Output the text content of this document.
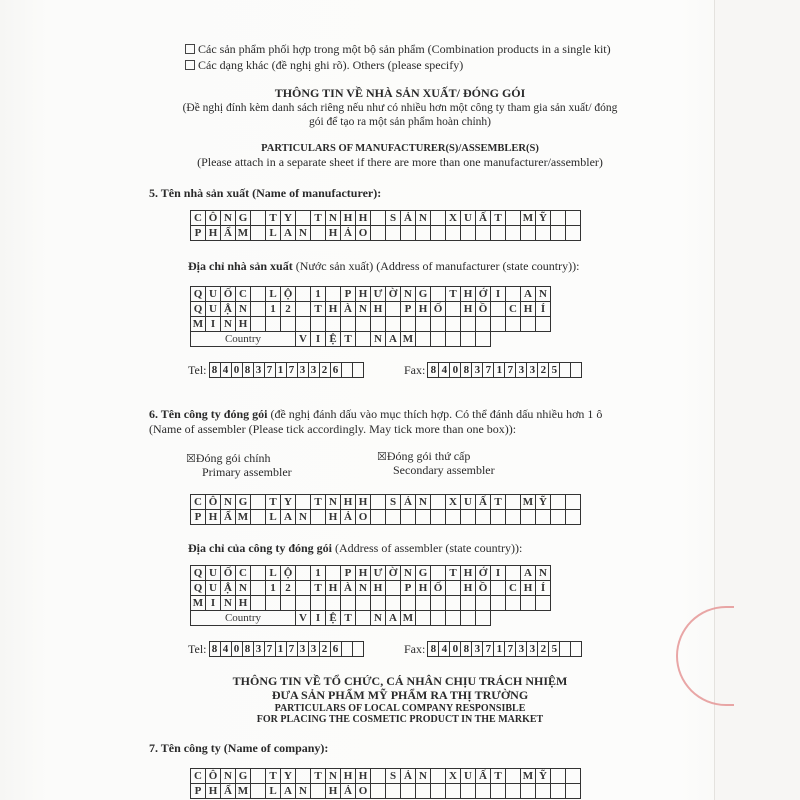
Các sản phẩm phối hợp trong một bộ sản phẩm (Combination products in a single kit)
Các dạng khác (đề nghị ghi rõ). Others (please specify)
THÔNG TIN VỀ NHÀ SẢN XUẤT/ ĐÓNG GÓI
(Đề nghị đính kèm danh sách riêng nếu như có nhiều hơn một công ty tham gia sản xuất/ đóng
gói để tạo ra một sản phẩm hoàn chỉnh)
PARTICULARS OF MANUFACTURER(S)/ASSEMBLER(S)
(Please attach in a separate sheet if there are more than one manufacturer/assembler)
5. Tên nhà sản xuất (Name of manufacturer):
C Ô N G	T Y	T N H H	S Ả N	X U Ấ T	M Ỹ
P H Ẩ M	L A N	H Ả O
Địa chỉ nhà sản xuất (Nước sản xuất) (Address of manufacturer (state country)):
Q U Ố C	L Ộ	1	P H Ư Ờ N G	T H Ớ I	A N
Q U Ậ N	1 2	T H À N H	P H Ố	H Ồ	C H Í
M I N H
Country	V I Ệ T	N A M
Tel: 8 4 0 8 3 7 1 7 3 3 2 6	Fax: 8 4 0 8 3 7 1 7 3 3 2 5
6. Tên công ty đóng gói (đề nghị đánh dấu vào mục thích hợp. Có thể đánh dấu nhiều hơn 1 ô
(Name of assembler (Please tick accordingly. May tick more than one box)):
☒Đóng gói chính
Primary assembler
☒Đóng gói thứ cấp
Secondary assembler
C Ô N G	T Y	T N H H	S Ả N	X U Ấ T	M Ỹ
P H Ẩ M	L A N	H Ả O
Địa chỉ của công ty đóng gói (Address of assembler (state country)):
Q U Ố C	L Ộ	1	P H Ư Ờ N G	T H Ớ I	A N
Q U Ậ N	1 2	T H À N H	P H Ố	H Ồ	C H Í
M I N H
Country	V I Ệ T	N A M
Tel: 8 4 0 8 3 7 1 7 3 3 2 6	Fax: 8 4 0 8 3 7 1 7 3 3 2 5
THÔNG TIN VỀ TỔ CHỨC, CÁ NHÂN CHỊU TRÁCH NHIỆM
ĐƯA SẢN PHẨM MỸ PHẨM RA THỊ TRƯỜNG
PARTICULARS OF LOCAL COMPANY RESPONSIBLE
FOR PLACING THE COSMETIC PRODUCT IN THE MARKET
7. Tên công ty (Name of company):
C Ô N G	T Y	T N H H	S Ả N	X U Ấ T	M Ỹ
P H Ẩ M	L A N	H Ả O
